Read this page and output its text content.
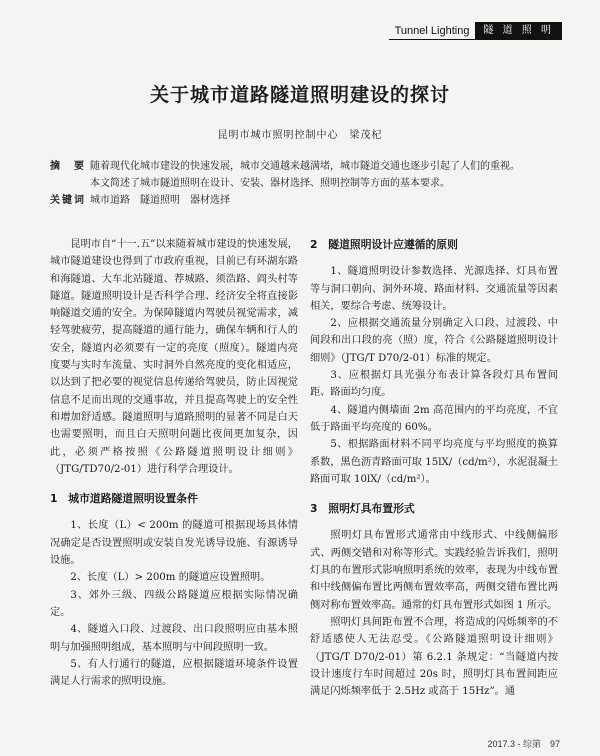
Tunnel Lighting	隧 道 照 明
关于城市道路隧道照明建设的探讨
昆明市城市照明控制中心　梁茂杞
摘　要 随着现代化城市建设的快速发展，城市交通越来越满堵，城市隧道交通也逐步引起了人们的重视。
本文简述了城市隧道照明在设计、安装、器材选择、照明控制等方面的基本要求。
关键词 城市道路　隧道照明　器材选择

昆明市自“十一.五”以来随着城市建设的快速发展，城市隧道建设也得到了市政府重视，目前已有环湖东路和海隧道、大车北站隧道、荐城路、须浩路、阎头村等隧道。隧道照明设计是否科学合理、经济安全将直接影响隧道交通的安全。为保障隧道内驾驶员视觉需求，减轻驾驶疲劳，提高隧道的通行能力，确保车辆和行人的安全，隧道内必须要有一定的亮度（照度）。隧道内亮度要与实时车流量、实时洞外自然亮度的变化相适应，以达到了把必要的视觉信息传递给驾驶员，防止因视觉信息不足而出现的交通事故，并且提高驾驶上的安全性和增加舒适感。隧道照明与道路照明的显著不同是白天也需要照明，而且白天照明问题比夜间更加复杂，因此，必须严格按照《公路隧道照明设计细则》（JTG/TD70/2-01）进行科学合理设计。

1　城市道路隧道照明设置条件

1、长度（L）< 200m 的隧道可根据现场具体情况确定是否设置照明或安装自发光诱导设施、有源诱导设施。

2、长度（L）> 200m 的隧道应设置照明。

3、郊外三级、四级公路隧道应根据实际情况确定。

4、隧道入口段、过渡段、出口段照明应由基本照明与加强照明组成，基本照明与中间段照明一致。

5、有人行通行的隧道，应根据隧道环境条件设置满足人行需求的照明设施。

2　隧道照明设计应遵循的原则

1、隧道照明设计参数选择、光源选择、灯具布置等与洞口朝向、洞外环境、路面材料、交通流量等因素相关，要综合考虑、统筹设计。

2、应根据交通流量分别确定入口段、过渡段、中间段和出口段的亮（照）度，符合《公路隧道照明设计细则》（JTG/T D70/2-01）标准的规定。

3、应根据灯具光强分布表计算各段灯具布置间距、路面均匀度。

4、隧道内侧墙面 2m 高范围内的平均亮度，不宜低于路面平均亮度的 60%。

5、根据路面材料不同平均亮度与平均照度的换算系数，黑色沥青路面可取 15lX/（cd/m²），水泥混凝土路面可取 10lX/（cd/m²）。

3　照明灯具布置形式

照明灯具布置形式通常由中线形式、中线侧偏形式、两侧交错和对称等形式。实践经验告诉我们，照明灯具的布置形式影响照明系统的效率，表现为中线布置和中线侧偏布置比两侧布置效率高，两侧交错布置比两侧对称布置效率高。通常的灯具布置形式如图 1 所示。

照明灯具间距布置不合理，将造成的闪烁频率的不舒适感使人无法忍受。《公路隧道照明设计细则》（JTG/T D70/2-01）第 6.2.1 条规定：“当隧道内按设计速度行车时间超过 20s 时，照明灯具布置间距应满足闪烁频率低于 2.5Hz 或高于 15Hz”。通

2017.3 - 综第　97
